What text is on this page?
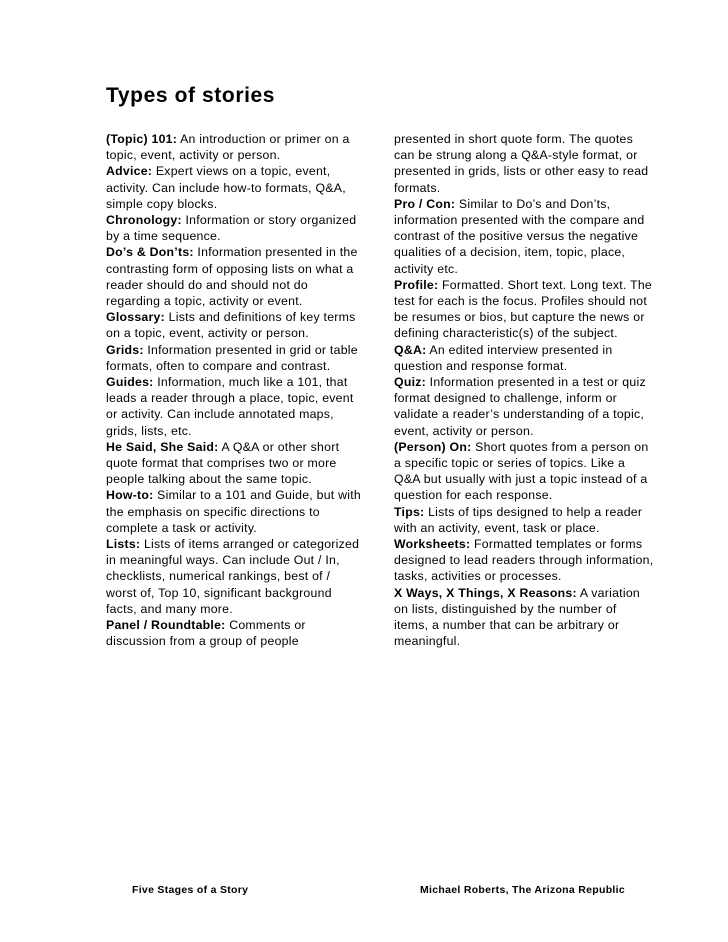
Types of stories

(Topic) 101: An introduction or primer on a topic, event, activity or person.

Advice: Expert views on a topic, event, activity. Can include how-to formats, Q&A, simple copy blocks.

Chronology: Information or story organized by a time sequence.

Do’s & Don’ts: Information presented in the contrasting form of opposing lists on what a reader should do and should not do regarding a topic, activity or event.

Glossary: Lists and definitions of key terms on a topic, event, activity or person.

Grids: Information presented in grid or table formats, often to compare and contrast.

Guides: Information, much like a 101, that leads a reader through a place, topic, event or activity. Can include annotated maps, grids, lists, etc.

He Said, She Said: A Q&A or other short quote format that comprises two or more people talking about the same topic.

How-to: Similar to a 101 and Guide, but with the emphasis on specific directions to complete a task or activity.

Lists: Lists of items arranged or categorized in meaningful ways. Can include Out / In, checklists, numerical rankings, best of / worst of, Top 10, significant background facts, and many more.

Panel / Roundtable: Comments or discussion from a group of people

presented in short quote form. The quotes can be strung along a Q&A-style format, or presented in grids, lists or other easy to read formats.

Pro / Con: Similar to Do’s and Don’ts, information presented with the compare and contrast of the positive versus the negative qualities of a decision, item, topic, place, activity etc.

Profile: Formatted. Short text. Long text. The test for each is the focus. Profiles should not be resumes or bios, but capture the news or defining characteristic(s) of the subject.

Q&A: An edited interview presented in question and response format.

Quiz: Information presented in a test or quiz format designed to challenge, inform or validate a reader’s understanding of a topic, event, activity or person.

(Person) On: Short quotes from a person on a specific topic or series of topics. Like a Q&A but usually with just a topic instead of a question for each response.

Tips: Lists of tips designed to help a reader with an activity, event, task or place.

Worksheets: Formatted templates or forms designed to lead readers through information, tasks, activities or processes.

X Ways, X Things, X Reasons: A variation on lists, distinguished by the number of items, a number that can be arbitrary or meaningful.

Five Stages of a Story	Michael Roberts, The Arizona Republic
